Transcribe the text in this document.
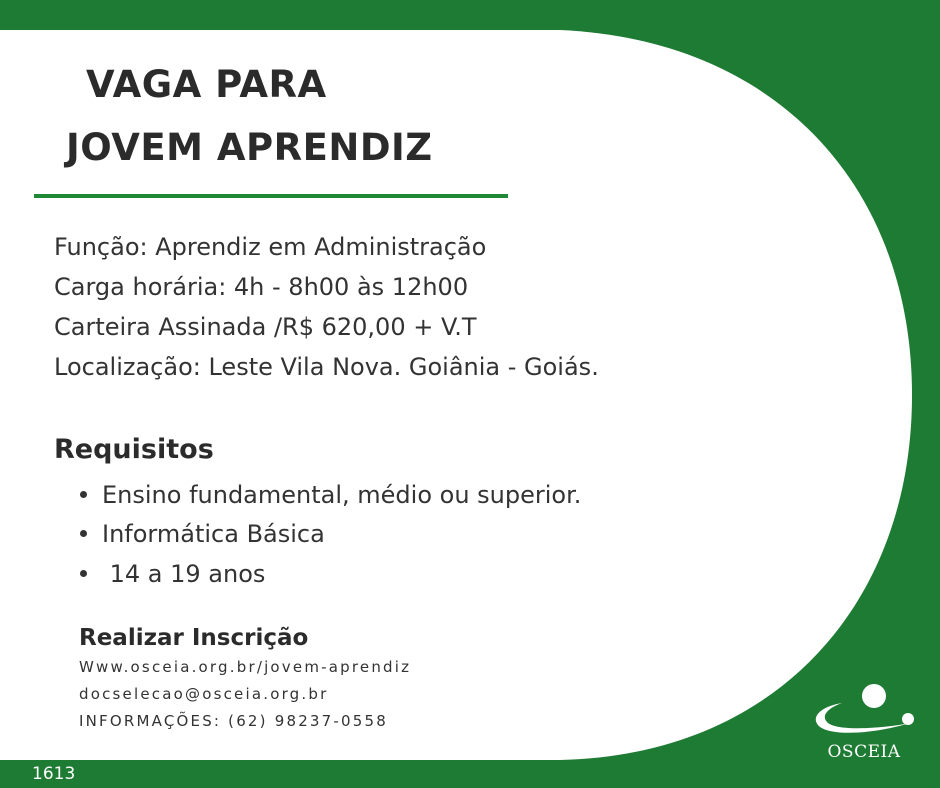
VAGA PARA
JOVEM APRENDIZ
Função: Aprendiz em Administração
Carga horária: 4h - 8h00 às 12h00
Carteira Assinada /R$ 620,00 + V.T
Localização: Leste Vila Nova. Goiânia - Goiás.
Requisitos
Ensino fundamental, médio ou superior.
Informática Básica
14 a 19 anos
Realizar Inscrição
Www.osceia.org.br/jovem-aprendiz
docselecao@osceia.org.br
INFORMAÇÕES: (62) 98237-0558
1613
OSCEIA
